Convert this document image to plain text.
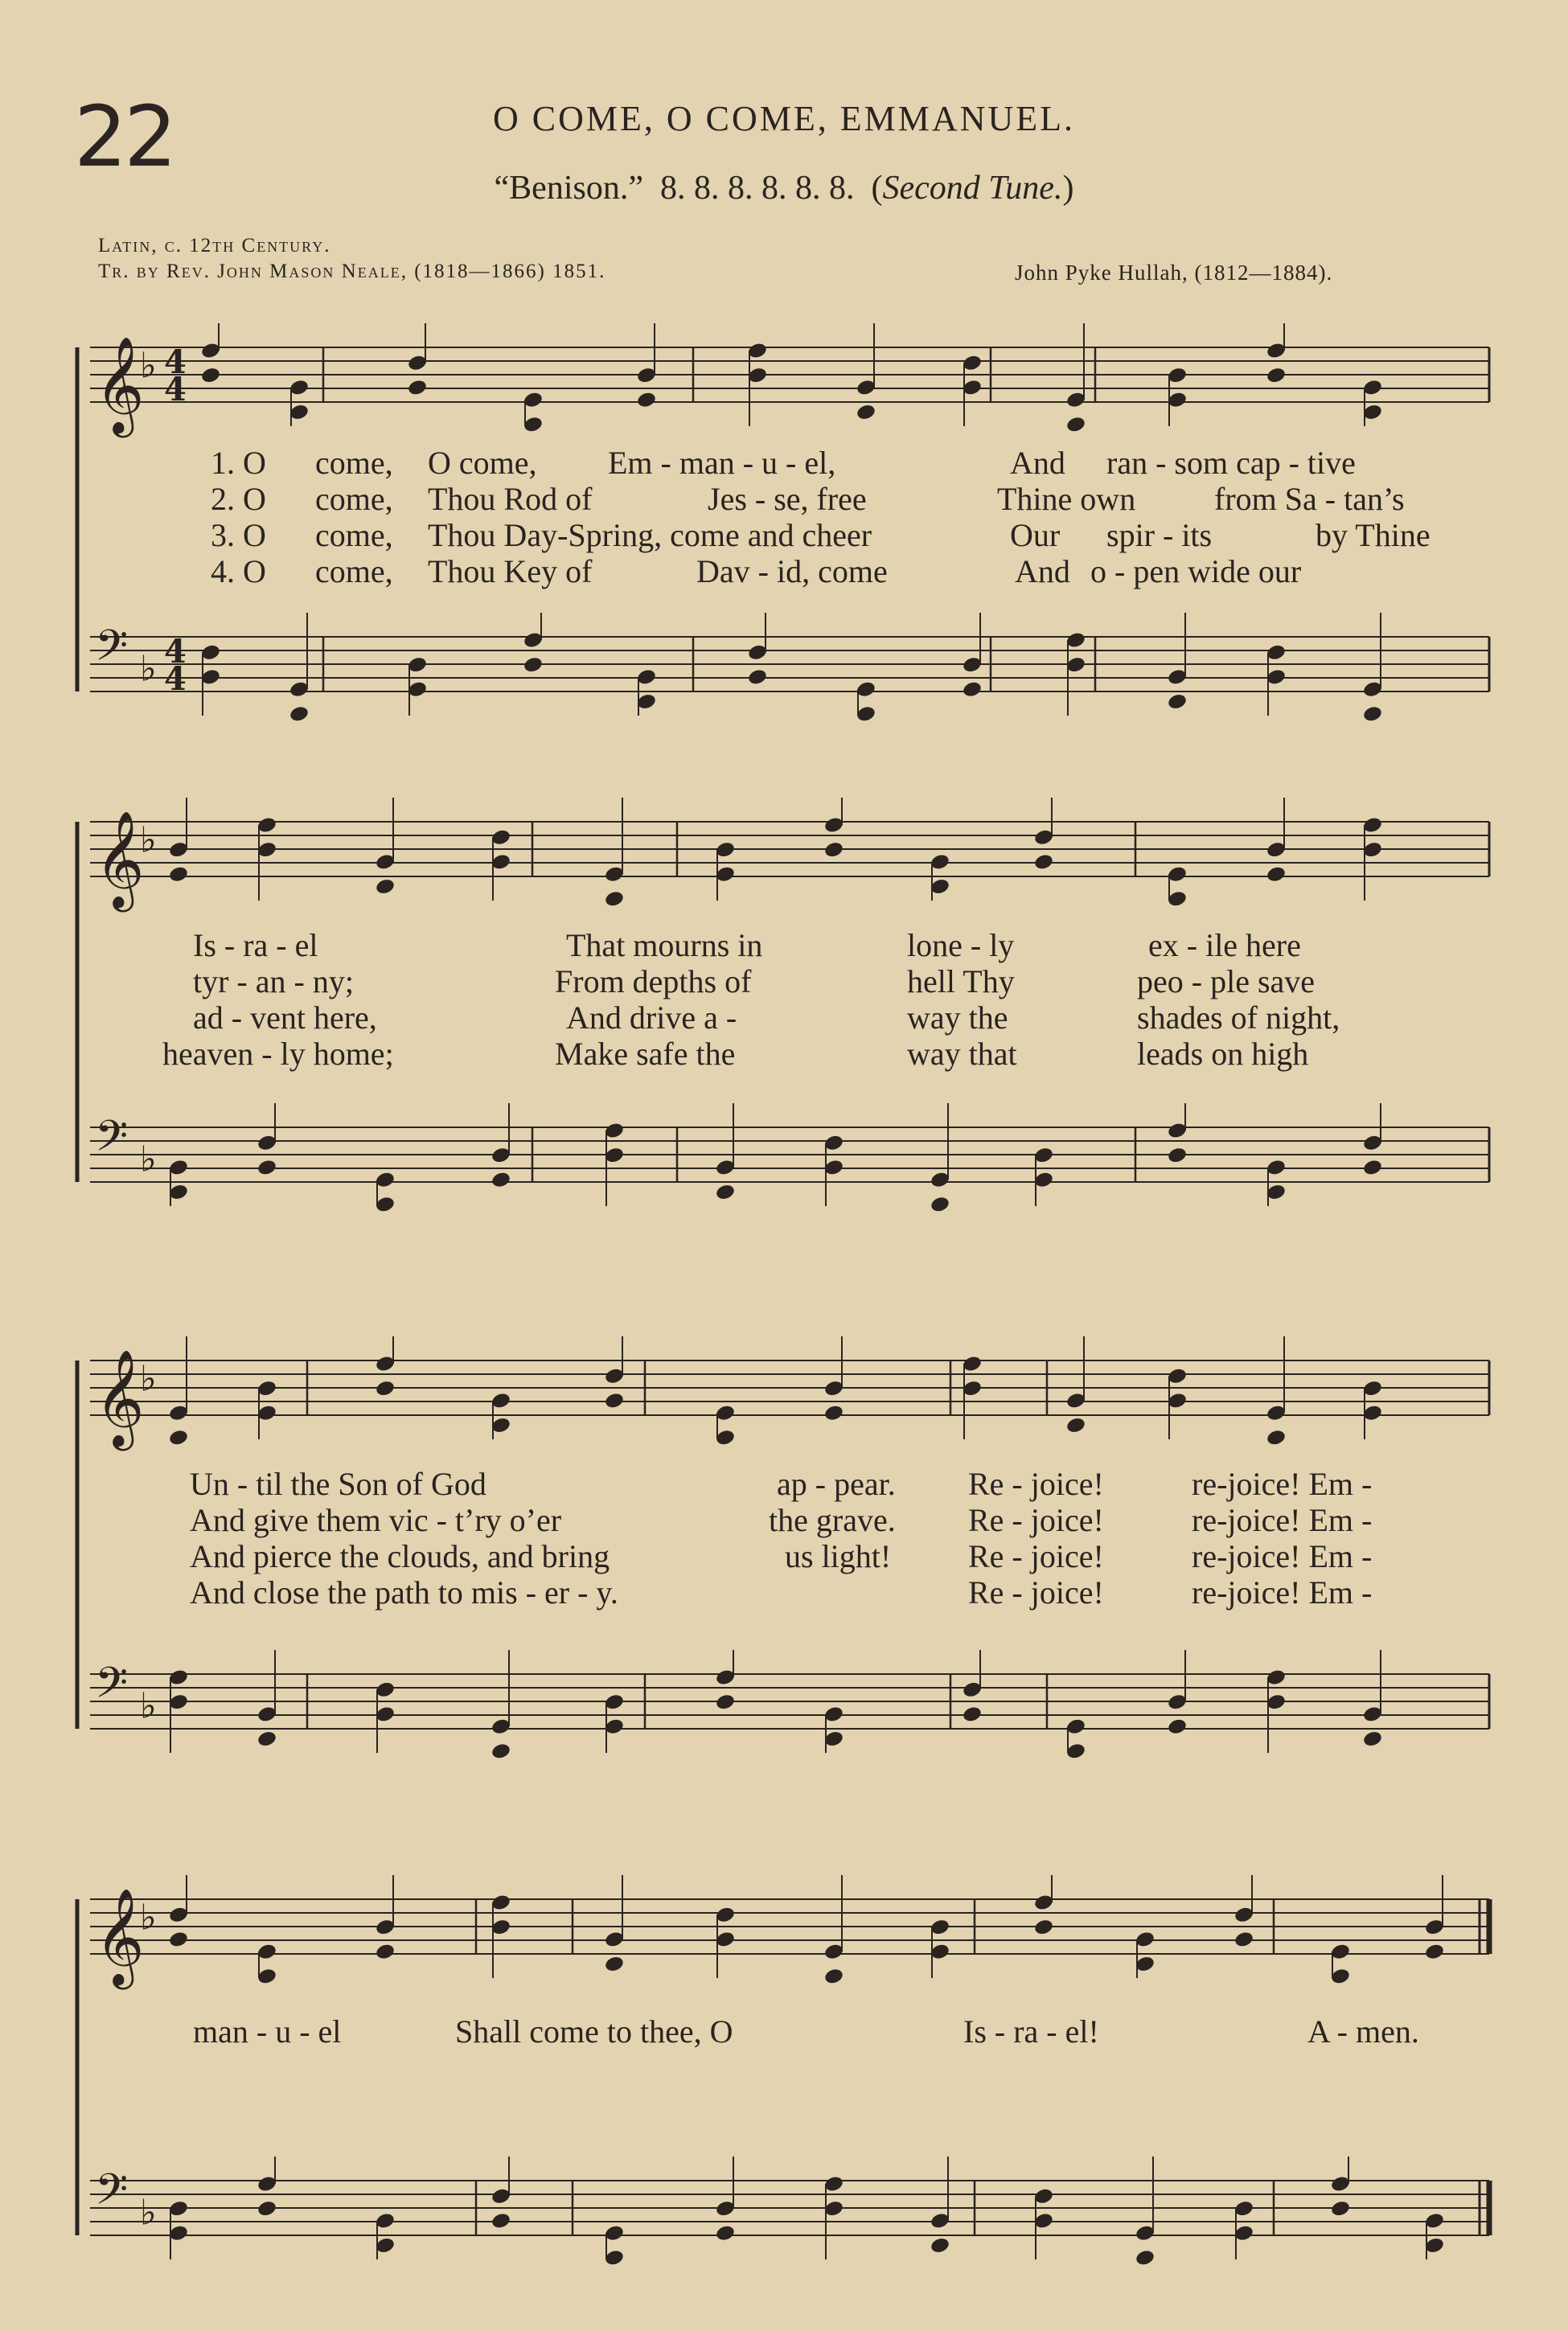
22	O COME, O COME, EMMANUEL.
“Benison.” 8. 8. 8. 8. 8. 8. (Second Tune.)
Latin, c. 12th Century.
Tr. by Rev. John Mason Neale, (1818—1866) 1851.	John Pyke Hullah, (1812—1884).
𝄞
♭ 4
4
𝄢 ♭ 4
4
𝄞
♭
𝄢 ♭
𝄞
♭
𝄢 ♭
𝄞
♭
𝄢 ♭
1. O come, O come, Em - man - u - el,	And ran - som cap - tive
2. O come, Thou Rod of	Jes - se, free	Thine own from Sa - tan’s
3. O come, Thou Day-Spring, come and cheer	Our spir - its	by Thine
4. O come, Thou Key of	Dav - id, come	And o - pen wide our
Is - ra - el	That mourns in	lone - ly	ex - ile here
tyr - an - ny;	From depths of	hell Thy	peo - ple save
ad - vent here,	And drive a -	way the	shades of night,
heaven - ly home;	Make safe the	way that	leads on high
Un - til the Son of God	ap - pear. Re - joice!	re-joice! Em -
And give them vic - t’ry o’er	the grave. Re - joice!	re-joice! Em -
And pierce the clouds, and bring	us light! Re - joice!	re-joice! Em -
And close the path to mis - er - y.	Re - joice!	re-joice! Em -
man - u - el	Shall come to thee, O	Is - ra - el!	A - men.
